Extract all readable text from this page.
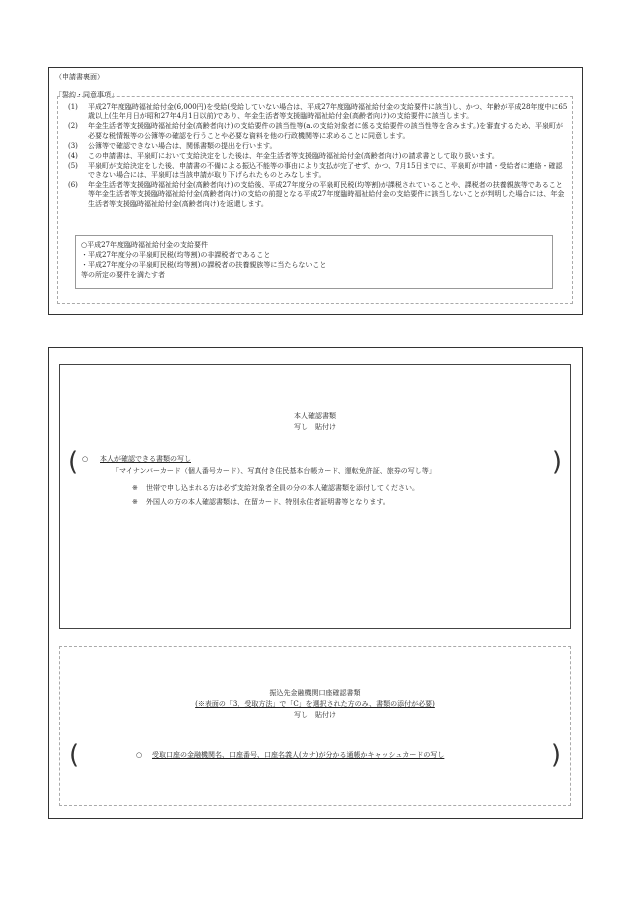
（申請書裏面）
「誓約・同意事項」
(1)	平成27年度臨時福祉給付金(6,000円)を受給(受給していない場合は、平成27年度臨時福祉給付金の支給要件に該当)し、かつ、年齢が平成28年度中に65歳以上(生年月日が昭和27年4月1日以前)であり、年金生活者等支援臨時福祉給付金(高齢者向け)の支給要件に該当します。
(2)	年金生活者等支援臨時福祉給付金(高齢者向け)の支給要件の該当性等(a.の支給対象者に係る支給要件の該当性等を含みます。)を審査するため、平泉町が必要な税情報等の公簿等の確認を行うことや必要な資料を他の行政機関等に求めることに同意します。
(3)	公簿等で確認できない場合は、関係書類の提出を行います。
(4)	この申請書は、平泉町において支給決定をした後は、年金生活者等支援臨時福祉給付金(高齢者向け)の請求書として取り扱います。
(5)	平泉町が支給決定をした後、申請書の不備による振込不能等の事由により支払が完了せず、かつ、7月15日までに、平泉町が申請・受給者に連絡・確認できない場合には、平泉町は当該申請が取り下げられたものとみなします。
(6)	年金生活者等支援臨時福祉給付金(高齢者向け)の支給後、平成27年度分の平泉町民税(均等割)が課税されていることや、課税者の扶養親族等であること等年金生活者等支援臨時福祉給付金(高齢者向け)の支給の前提となる平成27年度臨時福祉給付金の支給要件に該当しないことが判明した場合には、年金生活者等支援臨時福祉給付金(高齢者向け)を返還します。
○平成27年度臨時福祉給付金の支給要件
・平成27年度分の平泉町民税(均等割)の非課税者であること
・平成27年度分の平泉町民税(均等割)の課税者の扶養親族等に当たらないこと
等の所定の要件を満たす者
本人確認書類
写し　貼付け
(	)
○ 本人が確認できる書類の写し
「マイナンバーカード（個人番号カード）、写真付き住民基本台帳カード、運転免許証、旅券の写し等」
※ 世帯で申し込まれる方は必ず支給対象者全員の分の本人確認書類を添付してください。
※ 外国人の方の本人確認書類は、在留カード、特別永住者証明書等となります。
振込先金融機関口座確認書類
(※表面の「3．受取方法」で「C」を選択された方のみ、書類の添付が必要)
写し　貼付け
(	)
○ 受取口座の金融機関名、口座番号、口座名義人(カナ)が分かる通帳かキャッシュカードの写し
